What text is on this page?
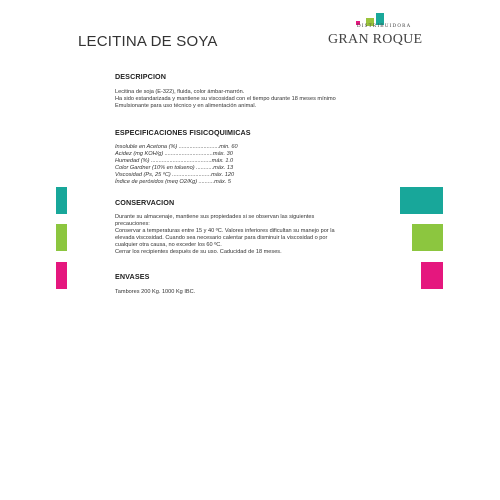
LECITINA DE SOYA
DISTRIBUIDORA
GRAN ROQUE
DESCRIPCION

Lecitina de soja (E-322), fluida, color ámbar-marrón.

Ha sido estandarizada y mantiene su viscosidad con el tiempo durante 18 meses mínimo

Emulsionante para uso técnico y en alimentación animal.

ESPECIFICACIONES FISICOQUIMICAS

Insoluble en Acetona (%) ..........................min. 60

Acidez (mg KOH/g) ...............................máx. 30

Humedad (%) .......................................máx. 1.0

Color Gardner (10% en tolueno) ...........máx. 13

Viscosidad (Ps, 25 ºC) .........................máx. 120

Índice de peróxidos (meq O2/Kg) ..........máx. 5

CONSERVACION

Durante su almacenaje, mantiene sus propiedades si se observan las siguientes

precauciones:

Conservar a temperaturas entre 15 y 40 ºC. Valores inferiores dificultan su manejo por la

elevada viscosidad. Cuando sea necesario calentar para disminuir la viscosidad o por

cualquier otra causa, no exceder los 60 ºC.

Cerrar los recipientes después de su uso. Caducidad de 18 meses.

ENVASES

Tambores 200 Kg. 1000 Kg IBC.
